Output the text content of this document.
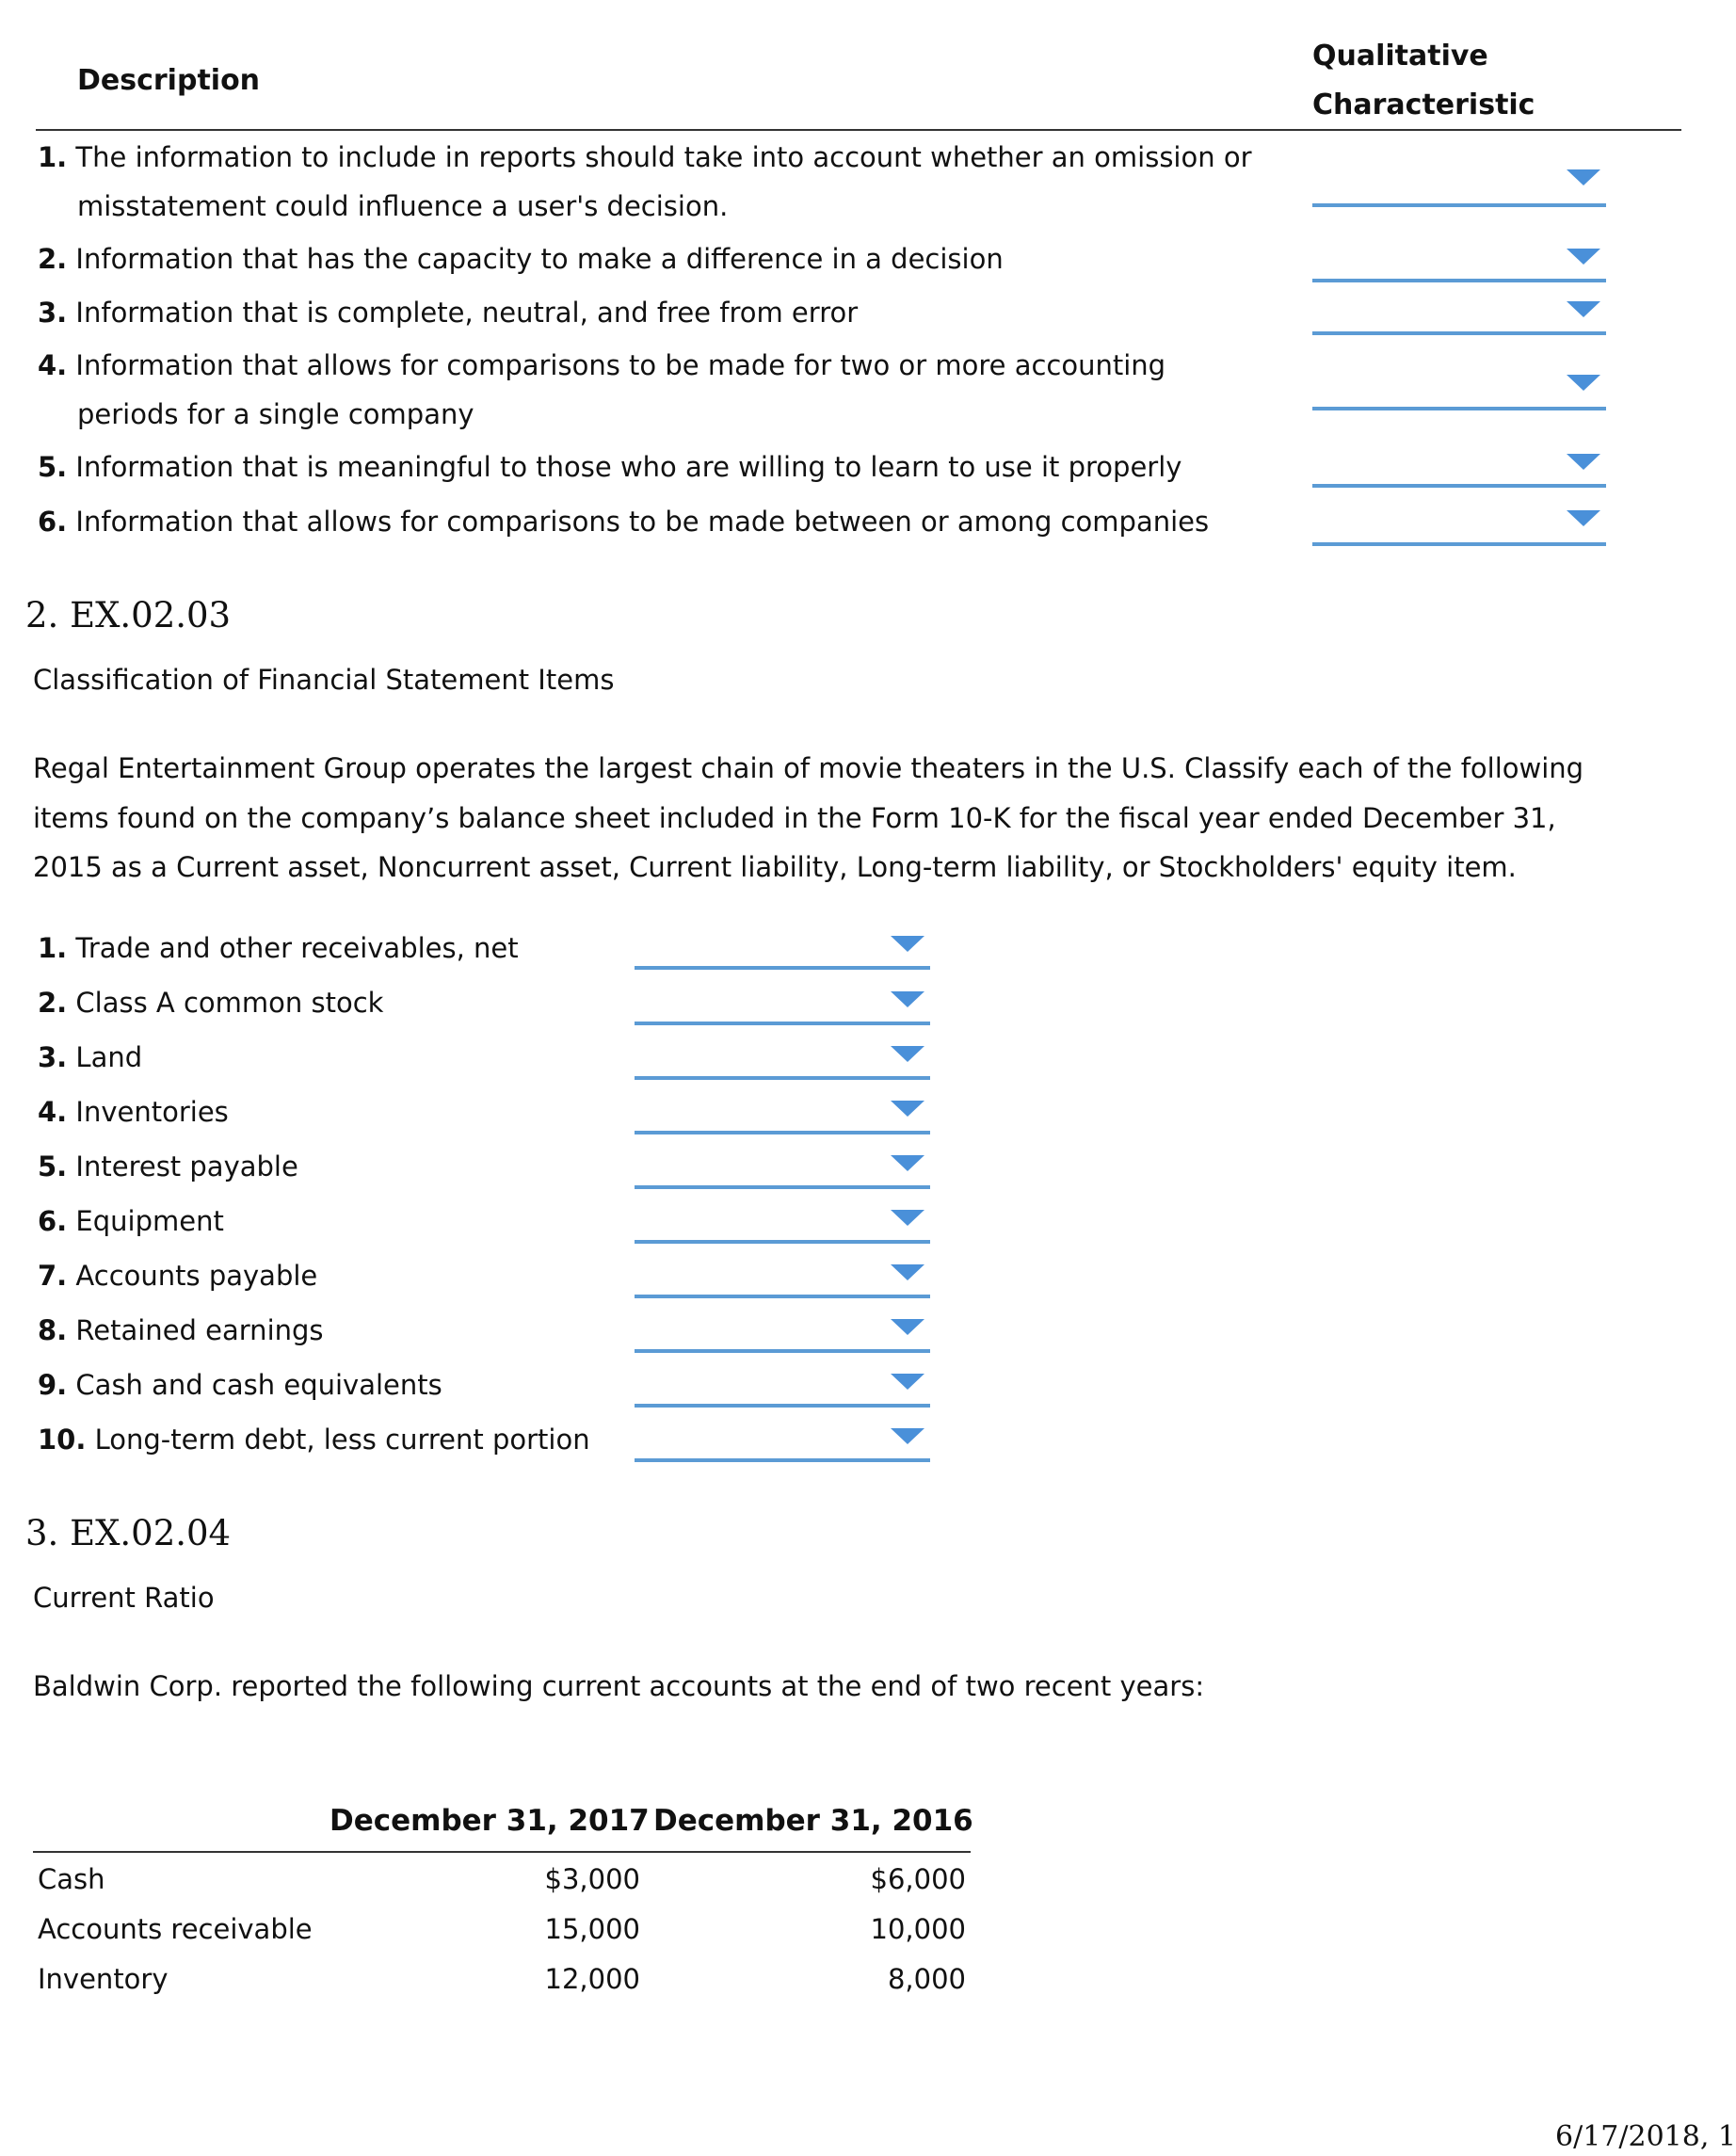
Description
Qualitative
Characteristic
1. The information to include in reports should take into account whether an omission or
misstatement could influence a user's decision.
2. Information that has the capacity to make a difference in a decision
3. Information that is complete, neutral, and free from error
4. Information that allows for comparisons to be made for two or more accounting
periods for a single company
5. Information that is meaningful to those who are willing to learn to use it properly
6. Information that allows for comparisons to be made between or among companies
2. EX.02.03
Classification of Financial Statement Items
Regal Entertainment Group operates the largest chain of movie theaters in the U.S. Classify each of the following
items found on the company’s balance sheet included in the Form 10-K for the fiscal year ended December 31,
2015 as a Current asset, Noncurrent asset, Current liability, Long-term liability, or Stockholders' equity item.
1. Trade and other receivables, net
2. Class A common stock
3. Land
4. Inventories
5. Interest payable
6. Equipment
7. Accounts payable
8. Retained earnings
9. Cash and cash equivalents
10. Long-term debt, less current portion
3. EX.02.04
Current Ratio
Baldwin Corp. reported the following current accounts at the end of two recent years:
December 31, 2017 December 31, 2016
Cash	$3,000	$6,000
Accounts receivable	15,000	10,000
Inventory	12,000	8,000
6/17/2018, 1
